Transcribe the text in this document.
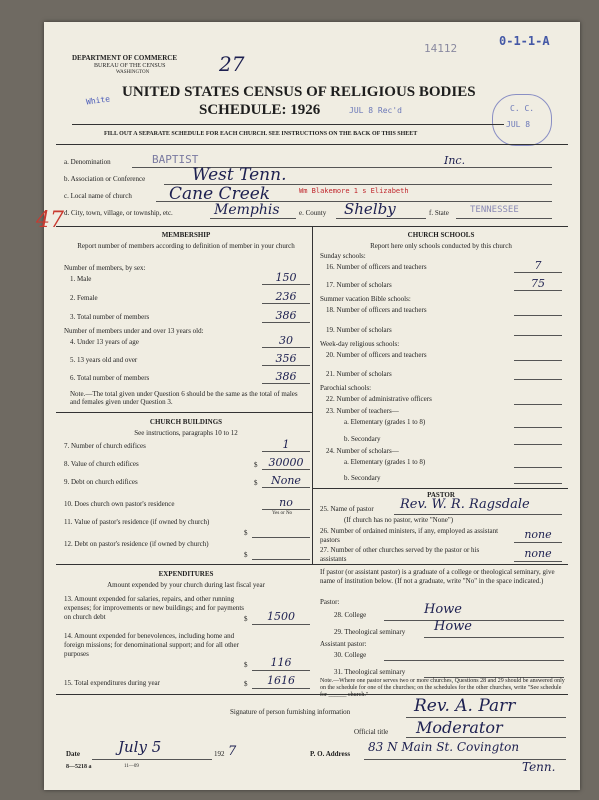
DEPARTMENT OF COMMERCE
BUREAU OF THE CENSUS
WASHINGTON	27
14112
0-1-1-A
White
UNITED STATES CENSUS OF RELIGIOUS BODIES
SCHEDULE: 1926	JUL 8 Rec'd	C. C.
JUL 8
FILL OUT A SEPARATE SCHEDULE FOR EACH CHURCH. SEE INSTRUCTIONS ON THE BACK OF THIS SHEET
a. Denomination	BAPTIST	Inc.
b. Association or Conference	West Tenn.
c. Local name of church Cane Creek	Wm Blakemore 1 s Elizabeth
47 d. City, town, village, or township, etc.	Memphis	e. County Shelby	f. State TENNESSEE
MEMBERSHIP
Report number of members according to definition of member in your church
Number of members, by sex:
1. Male	150
2. Female	236
3. Total number of members	386
Number of members under and over 13 years old:
4. Under 13 years of age	30
5. 13 years old and over	356
6. Total number of members	386
Note.—The total given under Question 6 should be the same as the total of males and females given under Question 3.
CHURCH BUILDINGS
See instructions, paragraphs 10 to 12
7. Number of church edifices	1
8. Value of church edifices	$	30000
9. Debt on church edifices	$	None
10. Does church own pastor's residence	no
Yes or No
11. Value of pastor's residence (if owned by church)
$
12. Debt on pastor's residence (if owned by church)
$
EXPENDITURES
Amount expended by your church during last fiscal year
13. Amount expended for salaries, repairs, and other running expenses; for improvements or new buildings; and for payments on church debt	$	1500
14. Amount expended for benevolences, including home and foreign missions; for denominational support; and for all other purposes
$	116
15. Total expenditures during year	$	1616
CHURCH SCHOOLS
Report here only schools conducted by this church
Sunday schools:
16. Number of officers and teachers	7
17. Number of scholars	75
Summer vacation Bible schools:
18. Number of officers and teachers
19. Number of scholars
Week-day religious schools:
20. Number of officers and teachers
21. Number of scholars
Parochial schools:
22. Number of administrative officers
23. Number of teachers—
a. Elementary (grades 1 to 8)
b. Secondary
24. Number of scholars—
a. Elementary (grades 1 to 8)
b. Secondary
PASTOR
25. Name of pastor Rev. W. R. Ragsdale
(If church has no pastor, write "None")
26. Number of ordained ministers, if any, employed as assistant pastors	none
27. Number of other churches served by the pastor or his assistants	none
If pastor (or assistant pastor) is a graduate of a college or theological seminary, give name of institution below. (If not a graduate, write "No" in the space indicated.)
Pastor:
28. College	Howe
29. Theological seminary Howe
Assistant pastor:
30. College
31. Theological seminary
Note.—Where one pastor serves two or more churches, Questions 28 and 29 should be answered only on the schedule for one of the churches; on the schedules for the other churches, write "See schedule for ______ church."
Signature of person furnishing information	Rev. A. Parr
Official title Moderator
Date	July 5	192 7	P. O. Address 83 N Main St. Covington
Tenn.
8—5218 a	11—09
